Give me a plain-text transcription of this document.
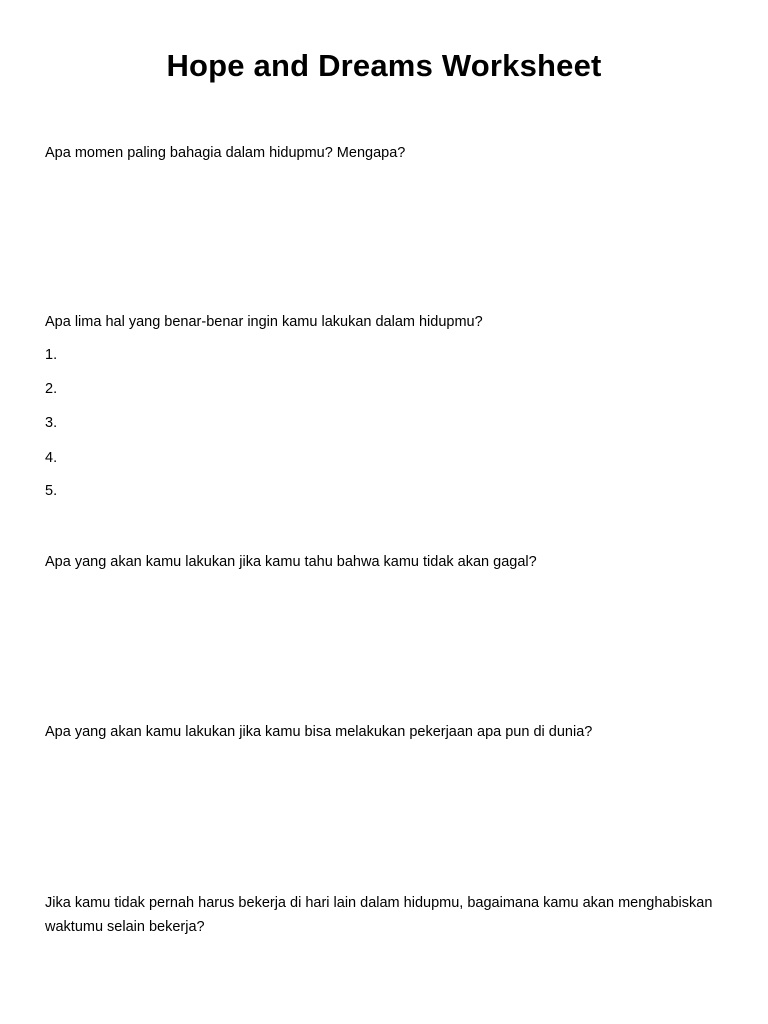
Hope and Dreams Worksheet

Apa momen paling bahagia dalam hidupmu? Mengapa?

Apa lima hal yang benar-benar ingin kamu lakukan dalam hidupmu?

1.

2.

3.

4.

5.

Apa yang akan kamu lakukan jika kamu tahu bahwa kamu tidak akan gagal?

Apa yang akan kamu lakukan jika kamu bisa melakukan pekerjaan apa pun di dunia?

Jika kamu tidak pernah harus bekerja di hari lain dalam hidupmu, bagaimana kamu akan menghabiskan waktumu selain bekerja?
